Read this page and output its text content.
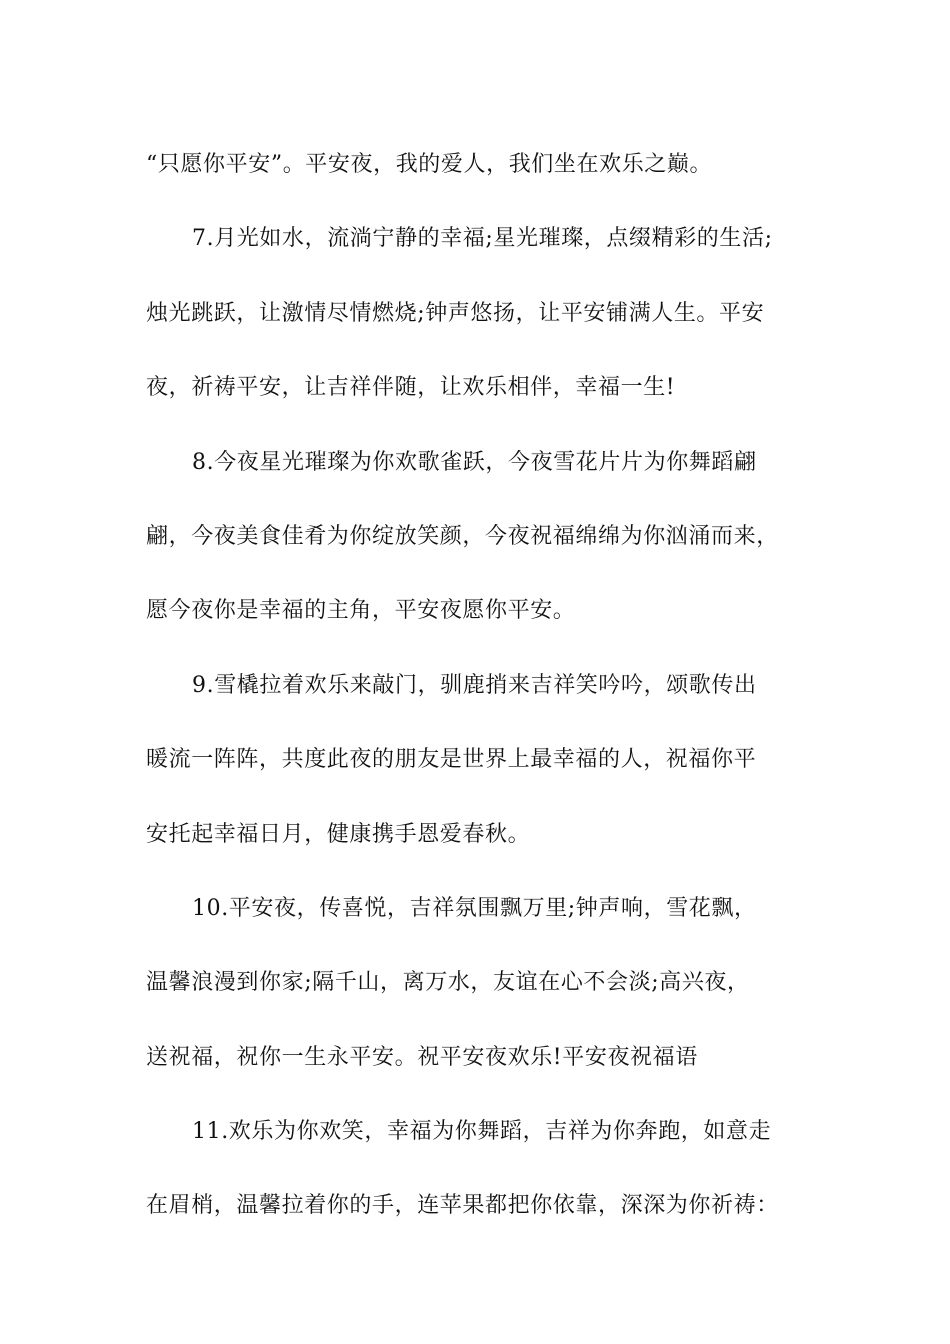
“只愿你平安”。平安夜，我的爱人，我们坐在欢乐之巅。
7.月光如水，流淌宁静的幸福;星光璀璨，点缀精彩的生活;
烛光跳跃，让激情尽情燃烧;钟声悠扬，让平安铺满人生。平安
夜，祈祷平安，让吉祥伴随，让欢乐相伴，幸福一生!
8.今夜星光璀璨为你欢歌雀跃，今夜雪花片片为你舞蹈翩
翩，今夜美食佳肴为你绽放笑颜，今夜祝福绵绵为你汹涌而来，
愿今夜你是幸福的主角，平安夜愿你平安。
9.雪橇拉着欢乐来敲门，驯鹿捎来吉祥笑吟吟，颂歌传出
暖流一阵阵，共度此夜的朋友是世界上最幸福的人，祝福你平
安托起幸福日月，健康携手恩爱春秋。
10.平安夜，传喜悦，吉祥氛围飘万里;钟声响，雪花飘，
温馨浪漫到你家;隔千山，离万水，友谊在心不会淡;高兴夜，
送祝福，祝你一生永平安。祝平安夜欢乐!平安夜祝福语
11.欢乐为你欢笑，幸福为你舞蹈，吉祥为你奔跑，如意走
在眉梢，温馨拉着你的手，连苹果都把你依靠，深深为你祈祷：
